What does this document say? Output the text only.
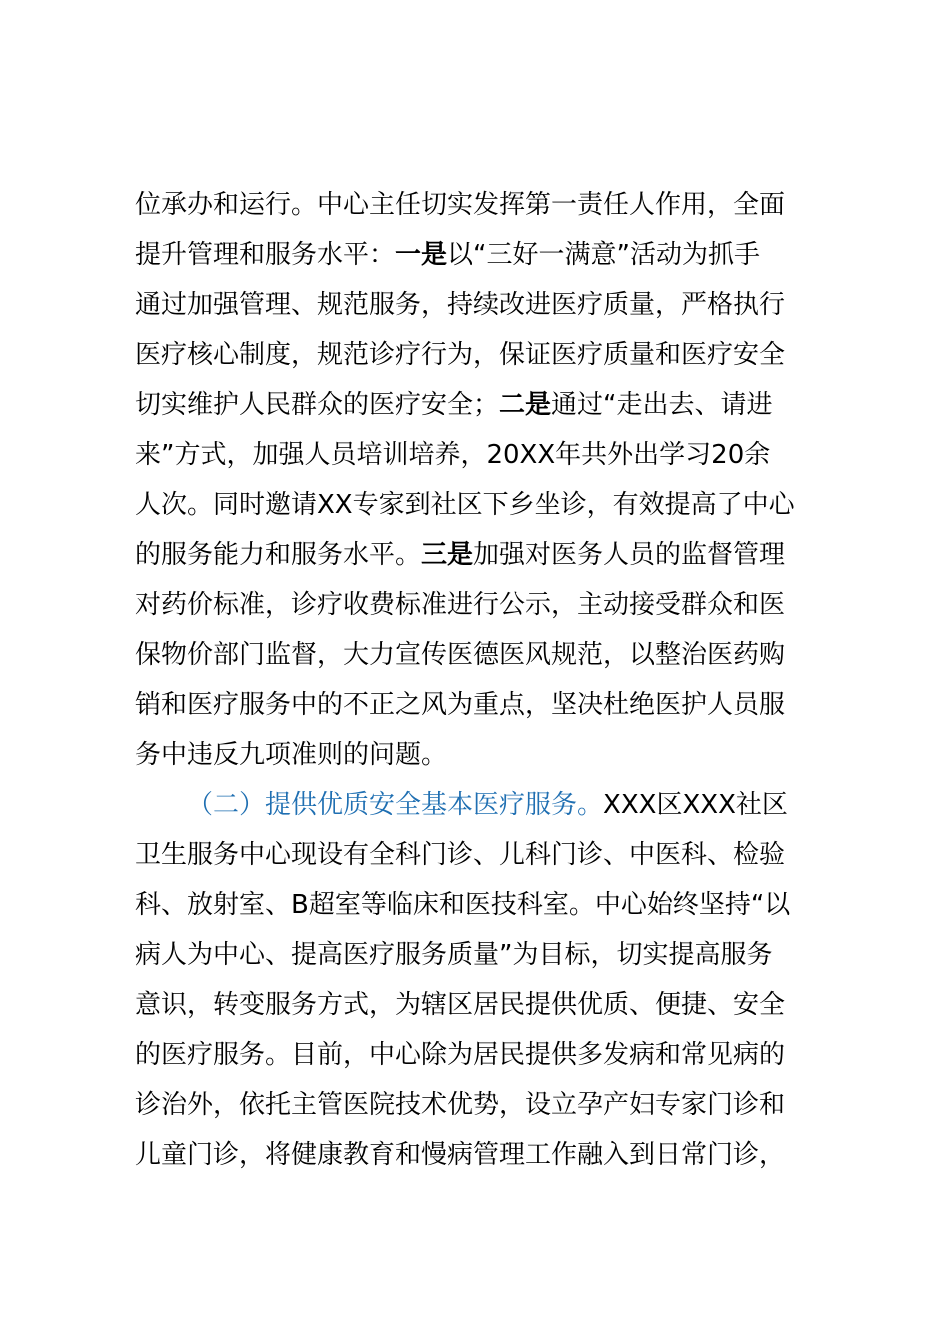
位承办和运行。中心主任切实发挥第一责任人作用，全面
提升管理和服务水平：一是以“三好一满意”活动为抓手
通过加强管理、规范服务，持续改进医疗质量，严格执行
医疗核心制度，规范诊疗行为，保证医疗质量和医疗安全
切实维护人民群众的医疗安全；二是通过“走出去、请进
来”方式，加强人员培训培养，20XX年共外出学习20余
人次。同时邀请XX专家到社区下乡坐诊，有效提高了中心
的服务能力和服务水平。三是加强对医务人员的监督管理
对药价标准，诊疗收费标准进行公示，主动接受群众和医
保物价部门监督，大力宣传医德医风规范，以整治医药购
销和医疗服务中的不正之风为重点，坚决杜绝医护人员服
务中违反九项准则的问题。
（二）提供优质安全基本医疗服务。XXX区XXX社区
卫生服务中心现设有全科门诊、儿科门诊、中医科、检验
科、放射室、B超室等临床和医技科室。中心始终坚持“以
病人为中心、提高医疗服务质量”为目标，切实提高服务
意识，转变服务方式，为辖区居民提供优质、便捷、安全
的医疗服务。目前，中心除为居民提供多发病和常见病的
诊治外，依托主管医院技术优势，设立孕产妇专家门诊和
儿童门诊，将健康教育和慢病管理工作融入到日常门诊，
